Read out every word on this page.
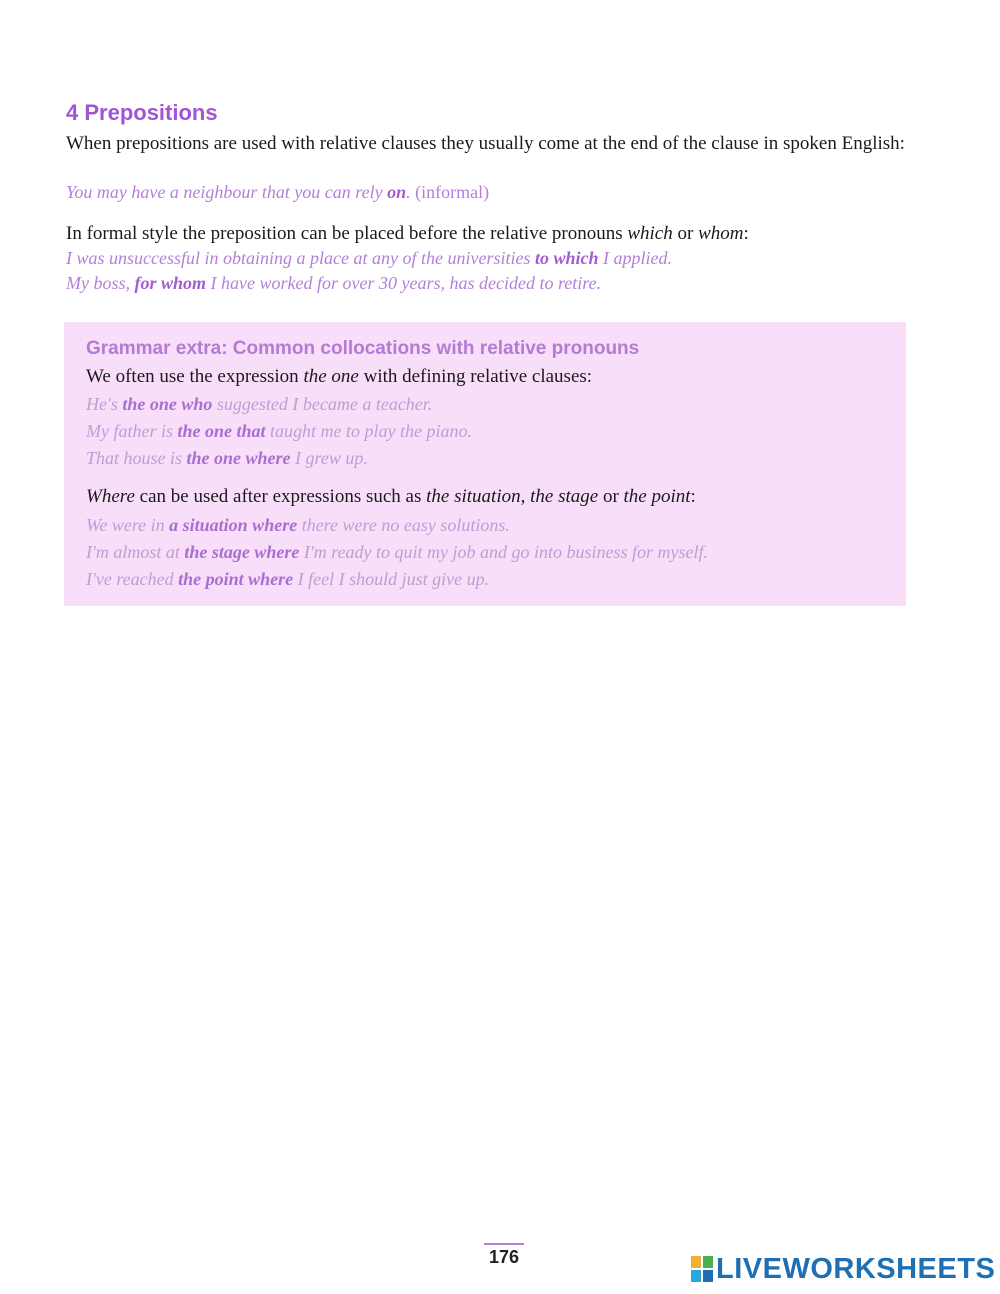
4 Prepositions
When prepositions are used with relative clauses they usually come at the end of the clause in spoken English:
You may have a neighbour that you can rely on. (informal)
In formal style the preposition can be placed before the relative pronouns which or whom:
I was unsuccessful in obtaining a place at any of the universities to which I applied.
My boss, for whom I have worked for over 30 years, has decided to retire.
Grammar extra: Common collocations with relative pronouns
We often use the expression the one with defining relative clauses:
He's the one who suggested I became a teacher.
My father is the one that taught me to play the piano.
That house is the one where I grew up.
Where can be used after expressions such as the situation, the stage or the point:
We were in a situation where there were no easy solutions.
I'm almost at the stage where I'm ready to quit my job and go into business for myself.
I've reached the point where I feel I should just give up.
176	LIVEWORKSHEETS
